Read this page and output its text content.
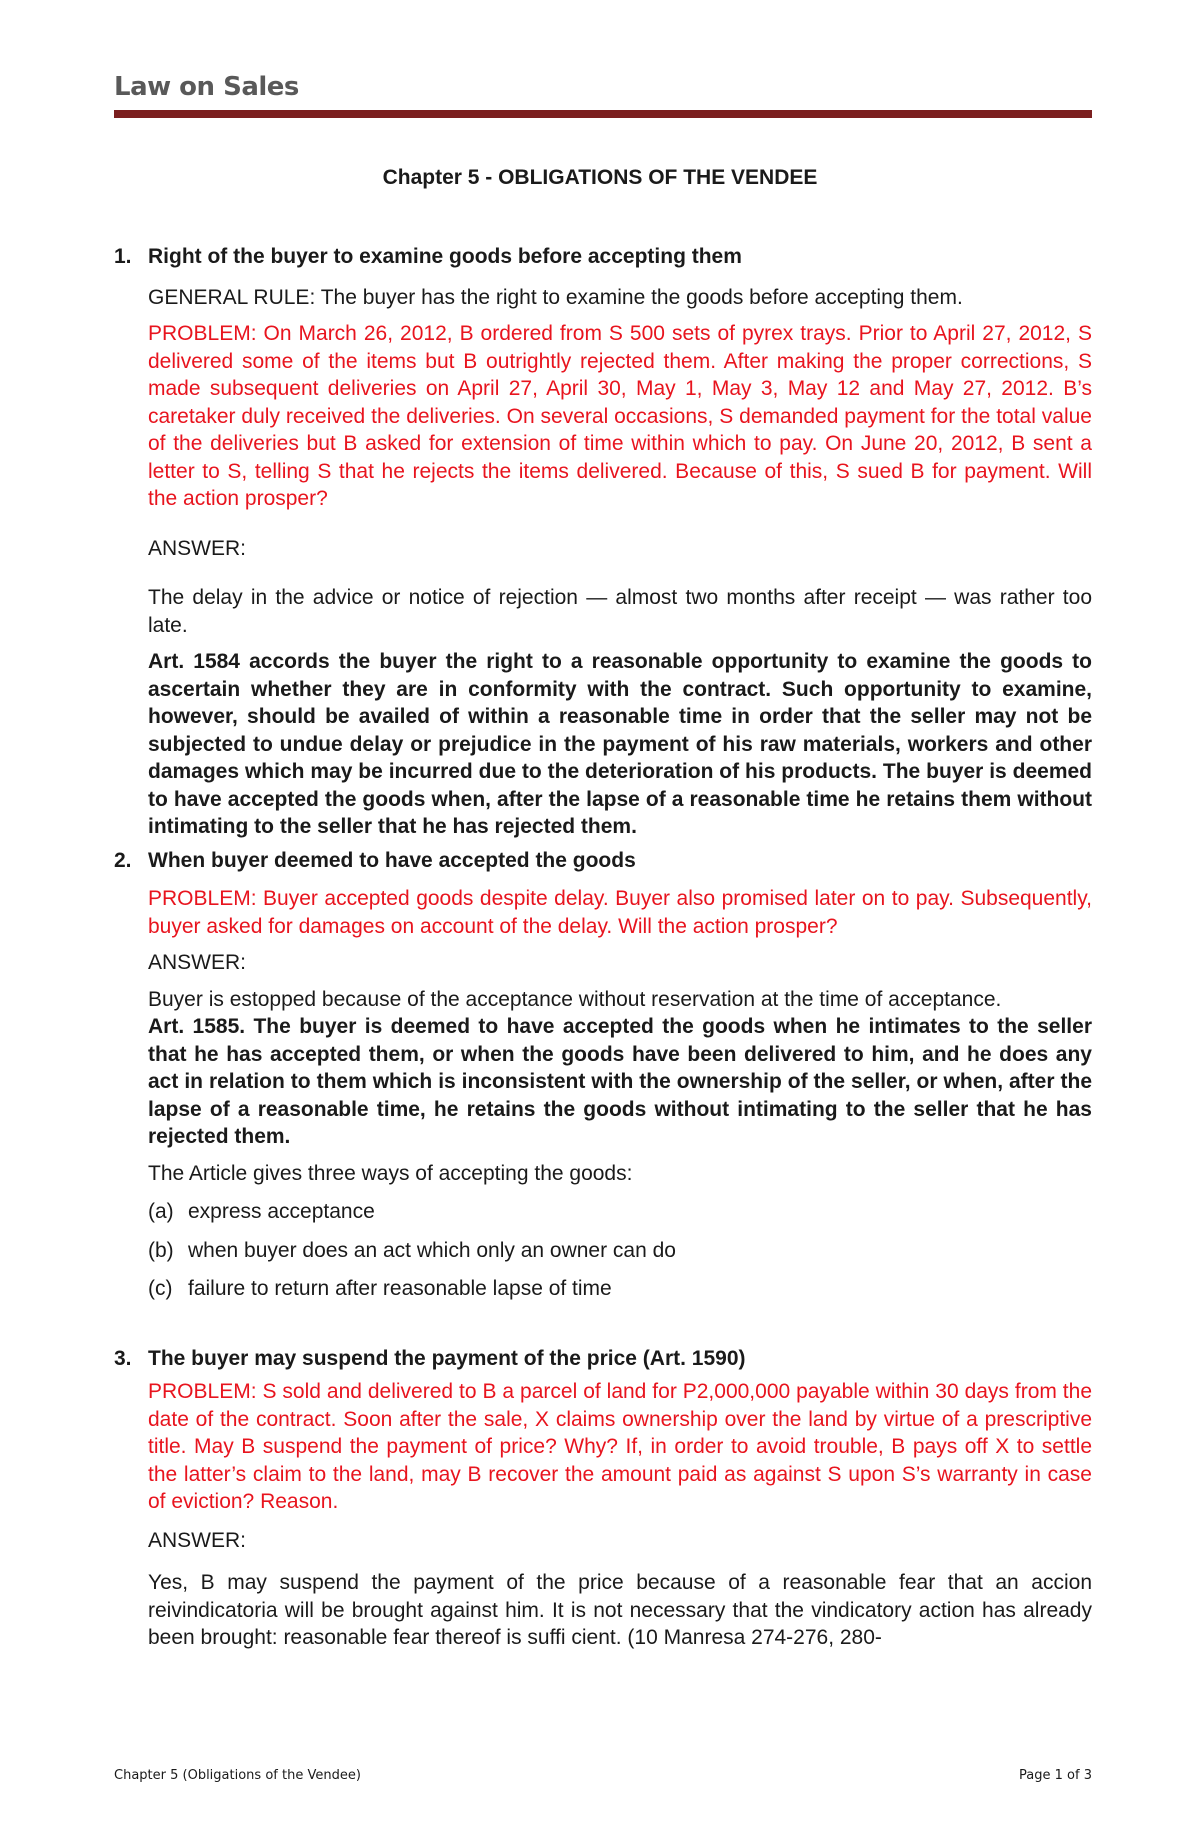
Law on Sales
Chapter 5 - OBLIGATIONS OF THE VENDEE
1. Right of the buyer to examine goods before accepting them

GENERAL RULE: The buyer has the right to examine the goods before accepting them.

PROBLEM: On March 26, 2012, B ordered from S 500 sets of pyrex trays. Prior to April 27, 2012, S delivered some of the items but B outrightly rejected them. After making the proper corrections, S made subsequent deliveries on April 27, April 30, May 1, May 3, May 12 and May 27, 2012. B’s caretaker duly received the deliveries. On several occasions, S demanded payment for the total value of the deliveries but B asked for extension of time within which to pay. On June 20, 2012, B sent a letter to S, telling S that he rejects the items delivered. Because of this, S sued B for payment. Will the action prosper?

ANSWER:

The delay in the advice or notice of rejection — almost two months after receipt — was rather too late.

Art. 1584 accords the buyer the right to a reasonable opportunity to examine the goods to ascertain whether they are in conformity with the contract. Such opportunity to examine, however, should be availed of within a reasonable time in order that the seller may not be subjected to undue delay or prejudice in the payment of his raw materials, workers and other damages which may be incurred due to the deterioration of his products. The buyer is deemed to have accepted the goods when, after the lapse of a reasonable time he retains them without intimating to the seller that he has rejected them.

2. When buyer deemed to have accepted the goods

PROBLEM: Buyer accepted goods despite delay. Buyer also promised later on to pay. Subsequently, buyer asked for damages on account of the delay. Will the action prosper?

ANSWER:

Buyer is estopped because of the acceptance without reservation at the time of acceptance.

Art. 1585. The buyer is deemed to have accepted the goods when he intimates to the seller that he has accepted them, or when the goods have been delivered to him, and he does any act in relation to them which is inconsistent with the ownership of the seller, or when, after the lapse of a reasonable time, he retains the goods without intimating to the seller that he has rejected them.

The Article gives three ways of accepting the goods:

(a) express acceptance
(b) when buyer does an act which only an owner can do
(c) failure to return after reasonable lapse of time
3. The buyer may suspend the payment of the price (Art. 1590)

PROBLEM: S sold and delivered to B a parcel of land for P2,000,000 payable within 30 days from the date of the contract. Soon after the sale, X claims ownership over the land by virtue of a prescriptive title. May B suspend the payment of price? Why? If, in order to avoid trouble, B pays off X to settle the latter’s claim to the land, may B recover the amount paid as against S upon S’s warranty in case of eviction? Reason.

ANSWER:

Yes, B may suspend the payment of the price because of a reasonable fear that an accion reivindicatoria will be brought against him. It is not necessary that the vindicatory action has already been brought: reasonable fear thereof is suffi cient. (10 Manresa 274-276, 280-

Chapter 5 (Obligations of the Vendee)	Page 1 of 3
